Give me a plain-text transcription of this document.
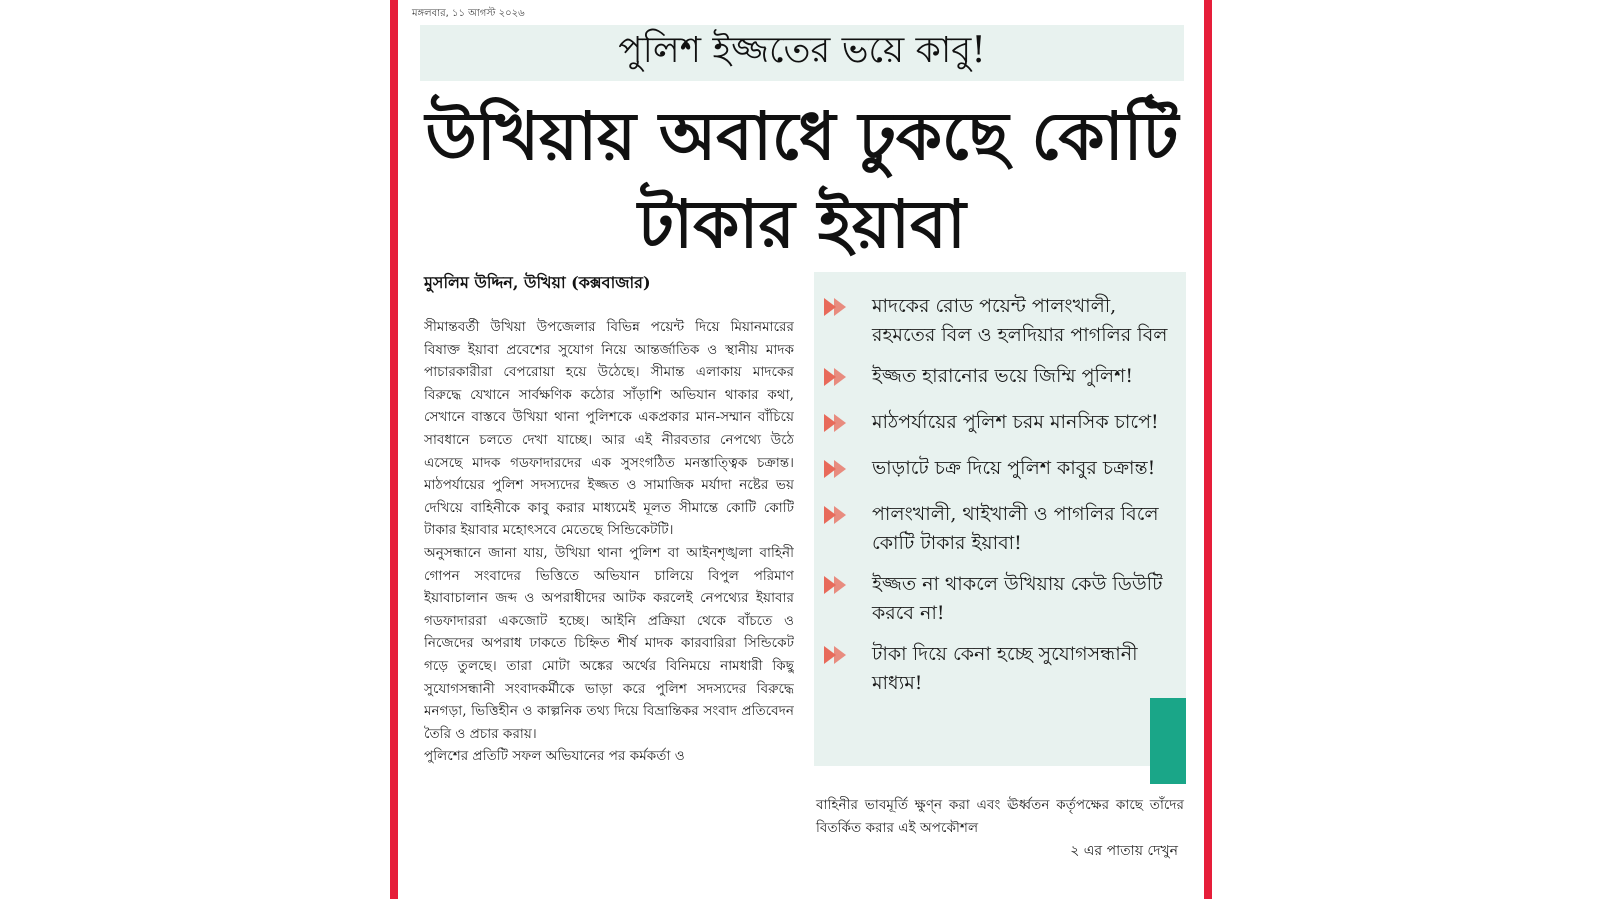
মঙ্গলবার, ১১ আগস্ট ২০২৬
পুলিশ ইজ্জতের ভয়ে কাবু!
উখিয়ায় অবাধে ঢুকছে কোটি
টাকার ইয়াবা
মুসলিম উদ্দিন, উখিয়া (কক্সবাজার)

সীমান্তবর্তী উখিয়া উপজেলার বিভিন্ন পয়েন্ট দিয়ে মিয়ানমারের বিষাক্ত ইয়াবা প্রবেশের সুযোগ নিয়ে আন্তর্জাতিক ও স্থানীয় মাদক পাচারকারীরা বেপরোয়া হয়ে উঠেছে। সীমান্ত এলাকায় মাদকের বিরুদ্ধে যেখানে সার্বক্ষণিক কঠোর সাঁড়াশি অভিযান থাকার কথা, সেখানে বাস্তবে উখিয়া থানা পুলিশকে একপ্রকার মান-সম্মান বাঁচিয়ে সাবধানে চলতে দেখা যাচ্ছে। আর এই নীরবতার নেপথ্যে উঠে এসেছে মাদক গডফাদারদের এক সুসংগঠিত মনস্তাত্ত্বিক চক্রান্ত। মাঠপর্যায়ের পুলিশ সদস্যদের ইজ্জত ও সামাজিক মর্যাদা নষ্টের ভয় দেখিয়ে বাহিনীকে কাবু করার মাধ্যমেই মূলত সীমান্তে কোটি কোটি টাকার ইয়াবার মহোৎসবে মেতেছে সিন্ডিকেটটি।

অনুসন্ধানে জানা যায়, উখিয়া থানা পুলিশ বা আইনশৃঙ্খলা বাহিনী গোপন সংবাদের ভিত্তিতে অভিযান চালিয়ে বিপুল পরিমাণ ইয়াবাচালান জব্দ ও অপরাধীদের আটক করলেই নেপথ্যের ইয়াবার গডফাদাররা একজোট হচ্ছে। আইনি প্রক্রিয়া থেকে বাঁচতে ও নিজেদের অপরাধ ঢাকতে চিহ্নিত শীর্ষ মাদক কারবারিরা সিন্ডিকেট গড়ে তুলছে। তারা মোটা অঙ্কের অর্থের বিনিময়ে নামধারী কিছু সুযোগসন্ধানী সংবাদকর্মীকে ভাড়া করে পুলিশ সদস্যদের বিরুদ্ধে মনগড়া, ভিত্তিহীন ও কাল্পনিক তথ্য দিয়ে বিভ্রান্তিকর সংবাদ প্রতিবেদন তৈরি ও প্রচার করায়।

পুলিশের প্রতিটি সফল অভিযানের পর কর্মকর্তা ও

মাদকের রোড পয়েন্ট পালংখালী, রহমতের বিল ও হলদিয়ার পাগলির বিল
ইজ্জত হারানোর ভয়ে জিম্মি পুলিশ!
মাঠপর্যায়ের পুলিশ চরম মানসিক চাপে!
ভাড়াটে চক্র দিয়ে পুলিশ কাবুর চক্রান্ত!
পালংখালী, থাইখালী ও পাগলির বিলে কোটি টাকার ইয়াবা!
ইজ্জত না থাকলে উখিয়ায় কেউ ডিউটি করবে না!
টাকা দিয়ে কেনা হচ্ছে সুযোগসন্ধানী মাধ্যম!
বাহিনীর ভাবমূর্তি ক্ষুণ্ন করা এবং ঊর্ধ্বতন কর্তৃপক্ষের কাছে তাঁদের বিতর্কিত করার এই অপকৌশল
২ এর পাতায় দেখুন
